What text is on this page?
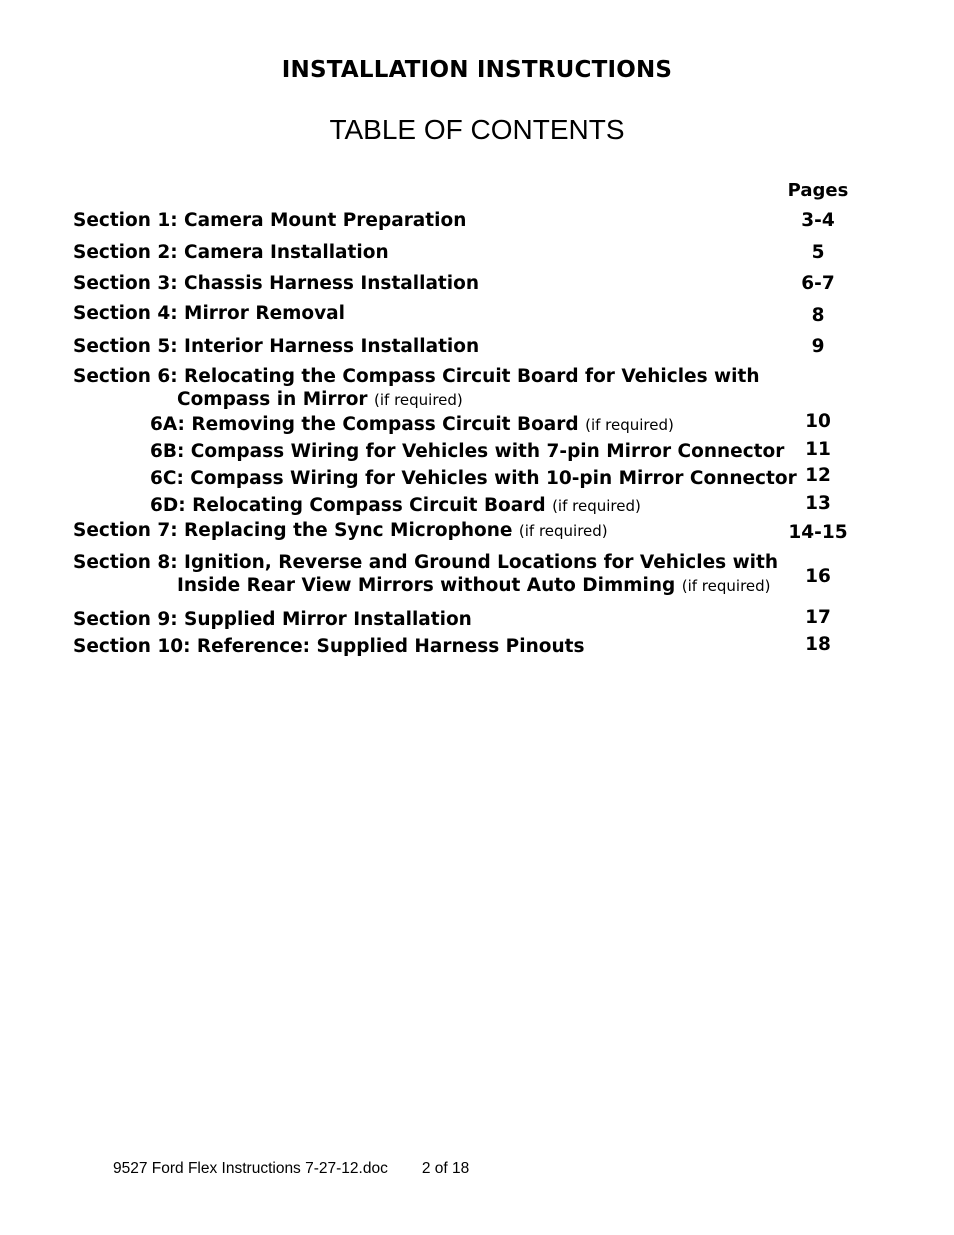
INSTALLATION INSTRUCTIONS
TABLE OF CONTENTS
Pages
Section 1: Camera Mount Preparation	3-4
Section 2: Camera Installation	5
Section 3: Chassis Harness Installation	6-7
Section 4: Mirror Removal	8
Section 5: Interior Harness Installation	9
Section 6: Relocating the Compass Circuit Board for Vehicles with
Compass in Mirror (if required)
6A: Removing the Compass Circuit Board (if required)	10
6B: Compass Wiring for Vehicles with 7-pin Mirror Connector	11
6C: Compass Wiring for Vehicles with 10-pin Mirror Connector 12
6D: Relocating Compass Circuit Board (if required)	13
Section 7: Replacing the Sync Microphone (if required)	14-15
Section 8: Ignition, Reverse and Ground Locations for Vehicles with
Inside Rear View Mirrors without Auto Dimming (if required)	16
Section 9: Supplied Mirror Installation	17
Section 10: Reference: Supplied Harness Pinouts	18
9527 Ford Flex Instructions 7-27-12.doc 2 of 18
